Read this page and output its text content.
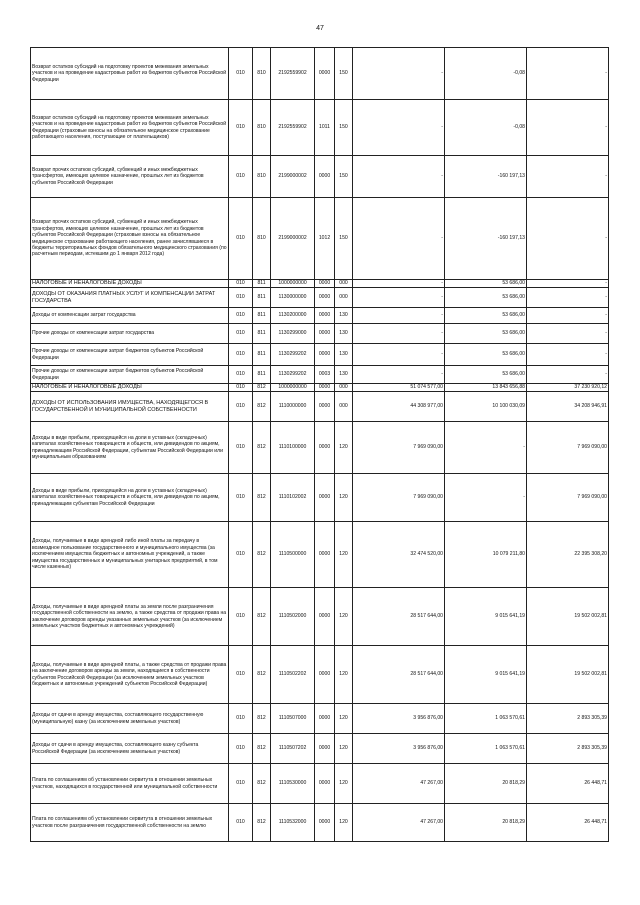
47
Возврат остатков субсидий на подготовку проектов межевания земельных участков и на проведение кадастровых работ из бюджетов субъектов Российской Федерации	010	810	2192559902	0000	150	-	-0,08	-
Возврат остатков субсидий на подготовку проектов межевания земельных участков и на проведение кадастровых работ из бюджетов субъектов Российской Федерации (страховые взносы на обязательное медицинское страхование работающего населения, поступающие от плательщиков)	010	810	2192559902	1011	150	-	-0,08	-
Возврат прочих остатков субсидий, субвенций и иных межбюджетных трансфертов, имеющих целевое назначение, прошлых лет из бюджетов субъектов Российской Федерации	010	810	2199000002	0000	150	-	-160 197,13	-
Возврат прочих остатков субсидий, субвенций и иных межбюджетных трансфертов, имеющих целевое назначение, прошлых лет из бюджетов субъектов Российской Федерации (страховые взносы на обязательное медицинское страхование работающего населения, ранее зачислявшиеся в бюджеты территориальных фондов обязательного медицинского страхования (по расчетным периодам, истекшим до 1 января 2012 года)	010	810	2199000002	1012	150	-	-160 197,13	-
НАЛОГОВЫЕ И НЕНАЛОГОВЫЕ ДОХОДЫ	010	811	1000000000	0000	000	-	53 686,00	-
ДОХОДЫ ОТ ОКАЗАНИЯ ПЛАТНЫХ УСЛУГ И КОМПЕНСАЦИИ ЗАТРАТ ГОСУДАРСТВА	010	811	1130000000	0000	000	-	53 686,00	-
Доходы от компенсации затрат государства	010	811	1130200000	0000	130	-	53 686,00	-
Прочие доходы от компенсации затрат государства	010	811	1130299000	0000	130	-	53 686,00	-
Прочие доходы от компенсации затрат бюджетов субъектов Российской Федерации	010	811	1130299202	0000	130	-	53 686,00	-
Прочие доходы от компенсации затрат бюджетов субъектов Российской Федерации	010	811	1130299202	0003	130	-	53 686,00	-
НАЛОГОВЫЕ И НЕНАЛОГОВЫЕ ДОХОДЫ	010	812	1000000000	0000	000	51 074 577,00	13 843 656,88	37 230 920,12
ДОХОДЫ ОТ ИСПОЛЬЗОВАНИЯ ИМУЩЕСТВА, НАХОДЯЩЕГОСЯ В ГОСУДАРСТВЕННОЙ И МУНИЦИПАЛЬНОЙ СОБСТВЕННОСТИ	010	812	1110000000	0000	000	44 308 977,00	10 100 030,09	34 208 946,91
Доходы в виде прибыли, приходящейся на доли в уставных (складочных) капиталах хозяйственных товариществ и обществ, или дивидендов по акциям, принадлежащим Российской Федерации, субъектам Российской Федерации или муниципальным образованиям	010	812	1110100000	0000	120	7 969 090,00	-	7 969 090,00
Доходы в виде прибыли, приходящейся на доли в уставных (складочных) капиталах хозяйственных товариществ и обществ, или дивидендов по акциям, принадлежащим субъектам Российской Федерации	010	812	1110102002	0000	120	7 969 090,00	-	7 969 090,00
Доходы, получаемые в виде арендной либо иной платы за передачу в возмездное пользование государственного и муниципального имущества (за исключением имущества бюджетных и автономных учреждений, а также имущества государственных и муниципальных унитарных предприятий, в том числе казенных)	010	812	1110500000	0000	120	32 474 520,00	10 079 211,80	22 395 308,20
Доходы, получаемые в виде арендной платы за земли после разграничения государственной собственности на землю, а также средства от продажи права на заключение договоров аренды указанных земельных участков (за исключением земельных участков бюджетных и автономных учреждений)	010	812	1110502000	0000	120	28 517 644,00	9 015 641,19	19 502 002,81
Доходы, получаемые в виде арендной платы, а также средства от продажи права на заключение договоров аренды за земли, находящиеся в собственности субъектов Российской Федерации (за исключением земельных участков бюджетных и автономных учреждений субъектов Российской Федерации)	010	812	1110502202	0000	120	28 517 644,00	9 015 641,19	19 502 002,81
Доходы от сдачи в аренду имущества, составляющего государственную (муниципальную) казну (за исключением земельных участков)	010	812	1110507000	0000	120	3 956 876,00	1 063 570,61	2 893 305,39
Доходы от сдачи в аренду имущества, составляющего казну субъекта Российской Федерации (за исключением земельных участков)	010	812	1110507202	0000	120	3 956 876,00	1 063 570,61	2 893 305,39
Плата по соглашениям об установлении сервитута в отношении земельных участков, находящихся в государственной или муниципальной собственности	010	812	1110530000	0000	120	47 267,00	20 818,29	26 448,71
Плата по соглашениям об установлении сервитута в отношении земельных участков после разграничения государственной собственности на землю	010	812	1110532000	0000	120	47 267,00	20 818,29	26 448,71
